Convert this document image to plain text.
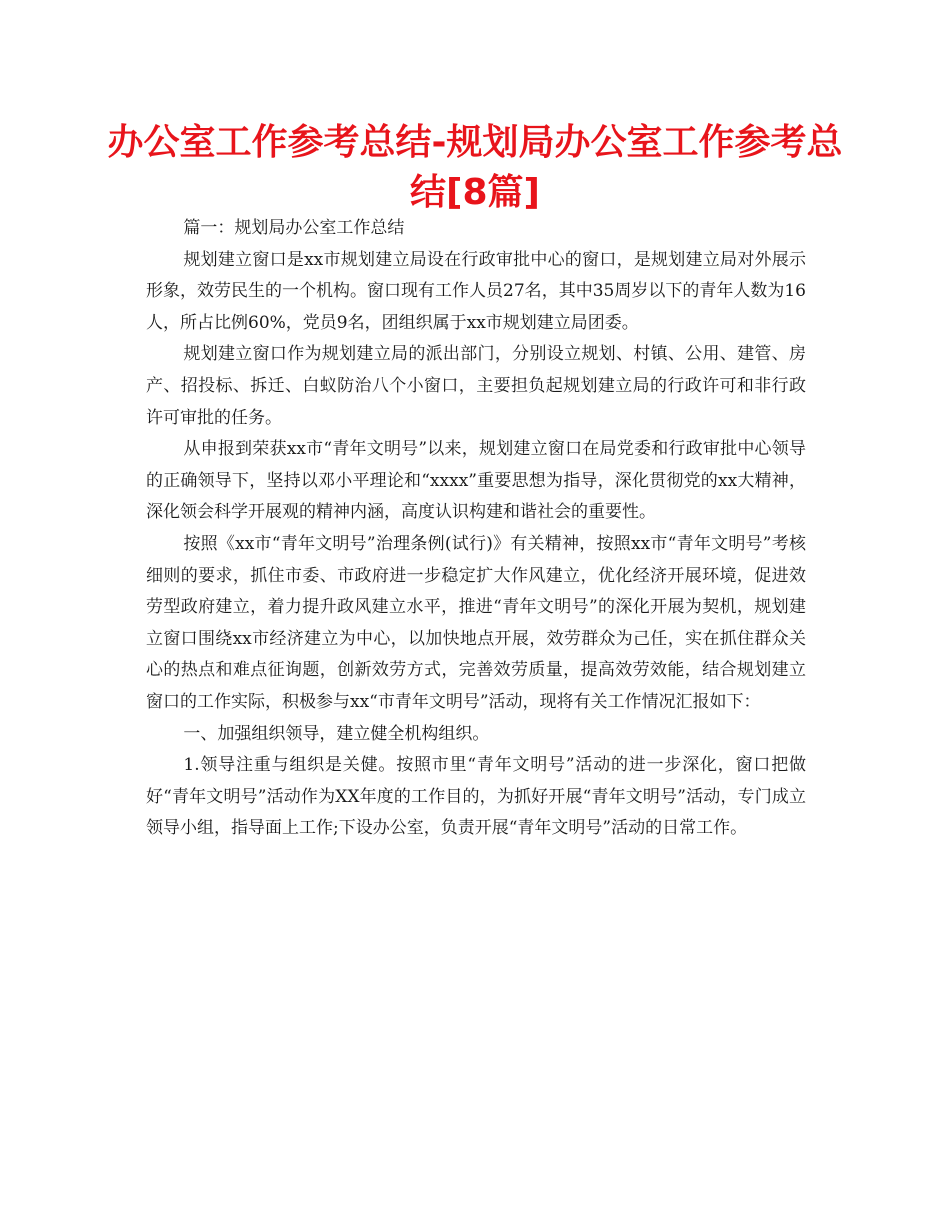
办公室工作参考总结-规划局办公室工作参考总
结[8篇]

篇一：规划局办公室工作总结

规划建立窗口是xx市规划建立局设在行政审批中心的窗口，是规划建立局对外展示形象，效劳民生的一个机构。窗口现有工作人员27名，其中35周岁以下的青年人数为16人，所占比例60%，党员9名，团组织属于xx市规划建立局团委。

规划建立窗口作为规划建立局的派出部门，分别设立规划、村镇、公用、建管、房产、招投标、拆迁、白蚁防治八个小窗口，主要担负起规划建立局的行政许可和非行政许可审批的任务。

从申报到荣获xx市“青年文明号”以来，规划建立窗口在局党委和行政审批中心领导的正确领导下，坚持以邓小平理论和“xxxx”重要思想为指导，深化贯彻党的xx大精神，深化领会科学开展观的精神内涵，高度认识构建和谐社会的重要性。

按照《xx市“青年文明号”治理条例(试行)》有关精神，按照xx市“青年文明号”考核细则的要求，抓住市委、市政府进一步稳定扩大作风建立，优化经济开展环境，促进效劳型政府建立，着力提升政风建立水平，推进“青年文明号”的深化开展为契机，规划建立窗口围绕xx市经济建立为中心，以加快地点开展，效劳群众为己任，实在抓住群众关心的热点和难点征询题，创新效劳方式，完善效劳质量，提高效劳效能，结合规划建立窗口的工作实际，积极参与xx“市青年文明号”活动，现将有关工作情况汇报如下：

一、加强组织领导，建立健全机构组织。

1.领导注重与组织是关健。按照市里“青年文明号”活动的进一步深化，窗口把做好“青年文明号”活动作为XX年度的工作目的，为抓好开展“青年文明号”活动，专门成立领导小组，指导面上工作;下设办公室，负责开展“青年文明号”活动的日常工作。
